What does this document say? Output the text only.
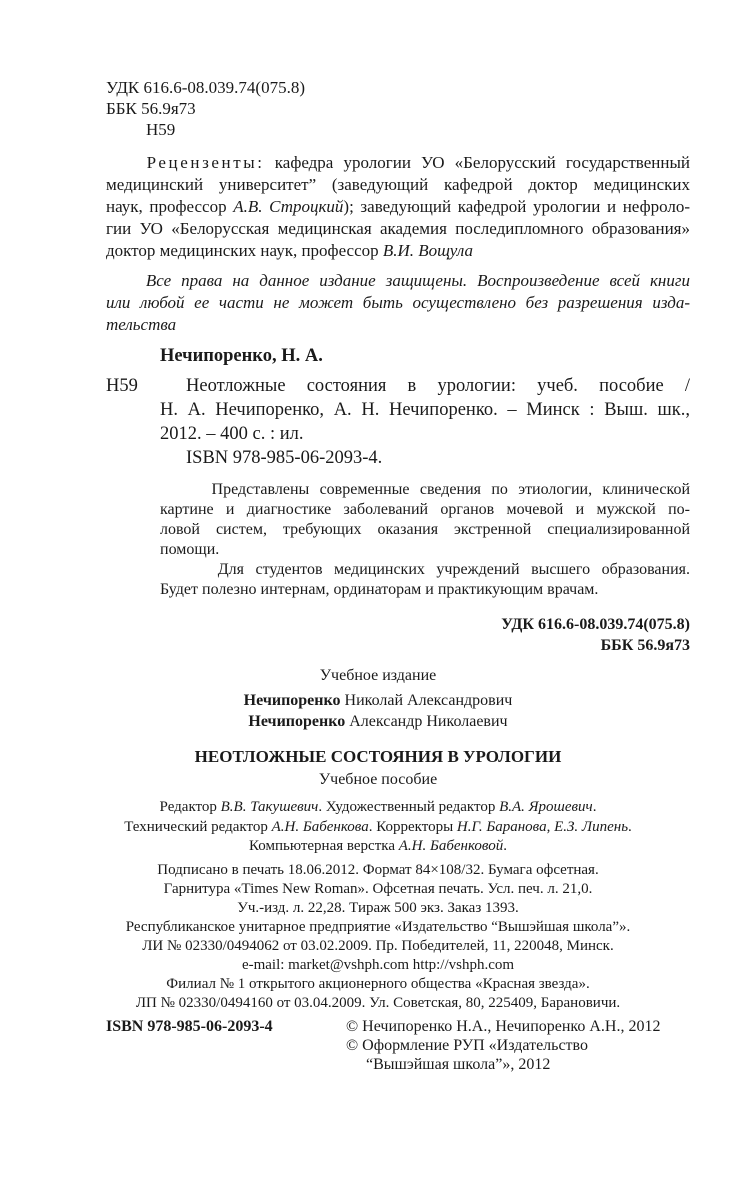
УДК 616.6-08.039.74(075.8)
ББК 56.9я73
Н59
Рецензенты: кафедра урологии УО «Белорусский государственный
медицинский университет” (заведующий кафедрой доктор медицинских
наук, профессор А.В. Строцкий); заведующий кафедрой урологии и нефроло-
гии УО «Белорусская медицинская академия последипломного образования»
доктор медицинских наук, профессор В.И. Вощула
Все права на данное издание защищены. Воспроизведение всей книги
или любой ее части не может быть осуществлено без разрешения изда-
тельства
Нечипоренко, Н. А.
Н59	Неотложные состояния в урологии: учеб. пособие /
Н. А. Нечипоренко, А. Н. Нечипоренко. – Минск : Выш. шк.,
2012. – 400 с. : ил.
ISBN 978-985-06-2093-4.
Представлены современные сведения по этиологии, клинической
картине и диагностике заболеваний органов мочевой и мужской по-
ловой систем, требующих оказания экстренной специализированной
помощи.
Для студентов медицинских учреждений высшего образования.
Будет полезно интернам, ординаторам и практикующим врачам.
УДК 616.6-08.039.74(075.8)
ББК 56.9я73
Учебное издание
Нечипоренко Николай Александрович
Нечипоренко Александр Николаевич
НЕОТЛОЖНЫЕ СОСТОЯНИЯ В УРОЛОГИИ
Учебное пособие
Редактор В.В. Такушевич. Художественный редактор В.А. Ярошевич.
Технический редактор А.Н. Бабенкова. Корректоры Н.Г. Баранова, Е.З. Липень.
Компьютерная верстка А.Н. Бабенковой.
Подписано в печать 18.06.2012. Формат 84×108/32. Бумага офсетная.
Гарнитура «Times New Roman». Офсетная печать. Усл. печ. л. 21,0.
Уч.-изд. л. 22,28. Тираж 500 экз. Заказ 1393.
Республиканское унитарное предприятие «Издательство “Вышэйшая школа”».
ЛИ № 02330/0494062 от 03.02.2009. Пр. Победителей, 11, 220048, Минск.
e-mail: market@vshph.com http://vshph.com
Филиал № 1 открытого акционерного общества «Красная звезда».
ЛП № 02330/0494160 от 03.04.2009. Ул. Советская, 80, 225409, Барановичи.
ISBN 978-985-06-2093-4	© Нечипоренко Н.А., Нечипоренко А.Н., 2012
© Оформление РУП «Издательство
“Вышэйшая школа”», 2012
